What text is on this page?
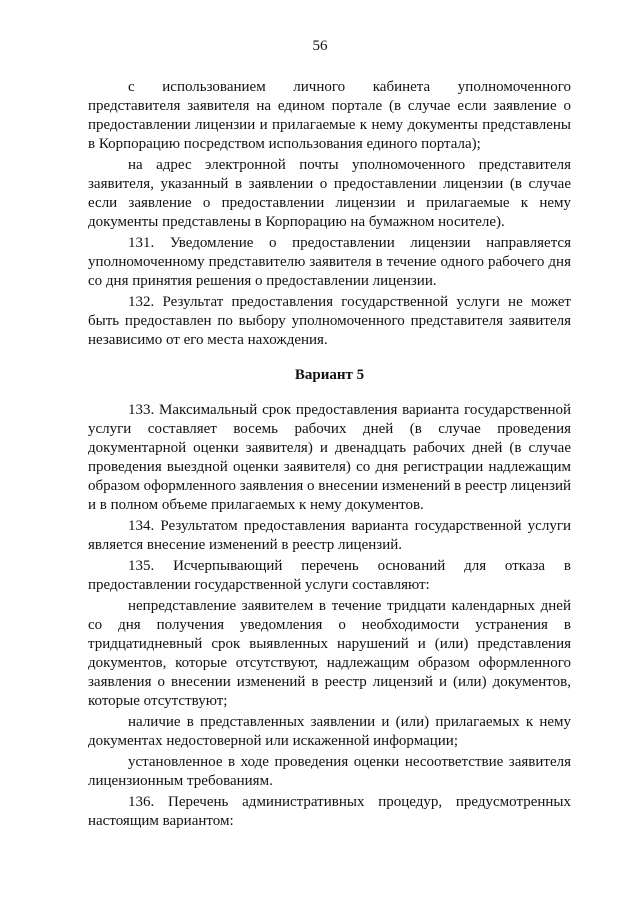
56

с использованием личного кабинета уполномоченного представителя заявителя на едином портале (в случае если заявление о предоставлении лицензии и прилагаемые к нему документы представлены в Корпорацию посредством использования единого портала);

на адрес электронной почты уполномоченного представителя заявителя, указанный в заявлении о предоставлении лицензии (в случае если заявление о предоставлении лицензии и прилагаемые к нему документы представлены в Корпорацию на бумажном носителе).

131. Уведомление о предоставлении лицензии направляется уполномоченному представителю заявителя в течение одного рабочего дня со дня принятия решения о предоставлении лицензии.

132. Результат предоставления государственной услуги не может быть предоставлен по выбору уполномоченного представителя заявителя независимо от его места нахождения.

Вариант 5

133. Максимальный срок предоставления варианта государственной услуги составляет восемь рабочих дней (в случае проведения документарной оценки заявителя) и двенадцать рабочих дней (в случае проведения выездной оценки заявителя) со дня регистрации надлежащим образом оформленного заявления о внесении изменений в реестр лицензий и в полном объеме прилагаемых к нему документов.

134. Результатом предоставления варианта государственной услуги является внесение изменений в реестр лицензий.

135. Исчерпывающий перечень оснований для отказа в предоставлении государственной услуги составляют:

непредставление заявителем в течение тридцати календарных дней со дня получения уведомления о необходимости устранения в тридцатидневный срок выявленных нарушений и (или) представления документов, которые отсутствуют, надлежащим образом оформленного заявления о внесении изменений в реестр лицензий и (или) документов, которые отсутствуют;

наличие в представленных заявлении и (или) прилагаемых к нему документах недостоверной или искаженной информации;

установленное в ходе проведения оценки несоответствие заявителя лицензионным требованиям.

136. Перечень административных процедур, предусмотренных настоящим вариантом:
